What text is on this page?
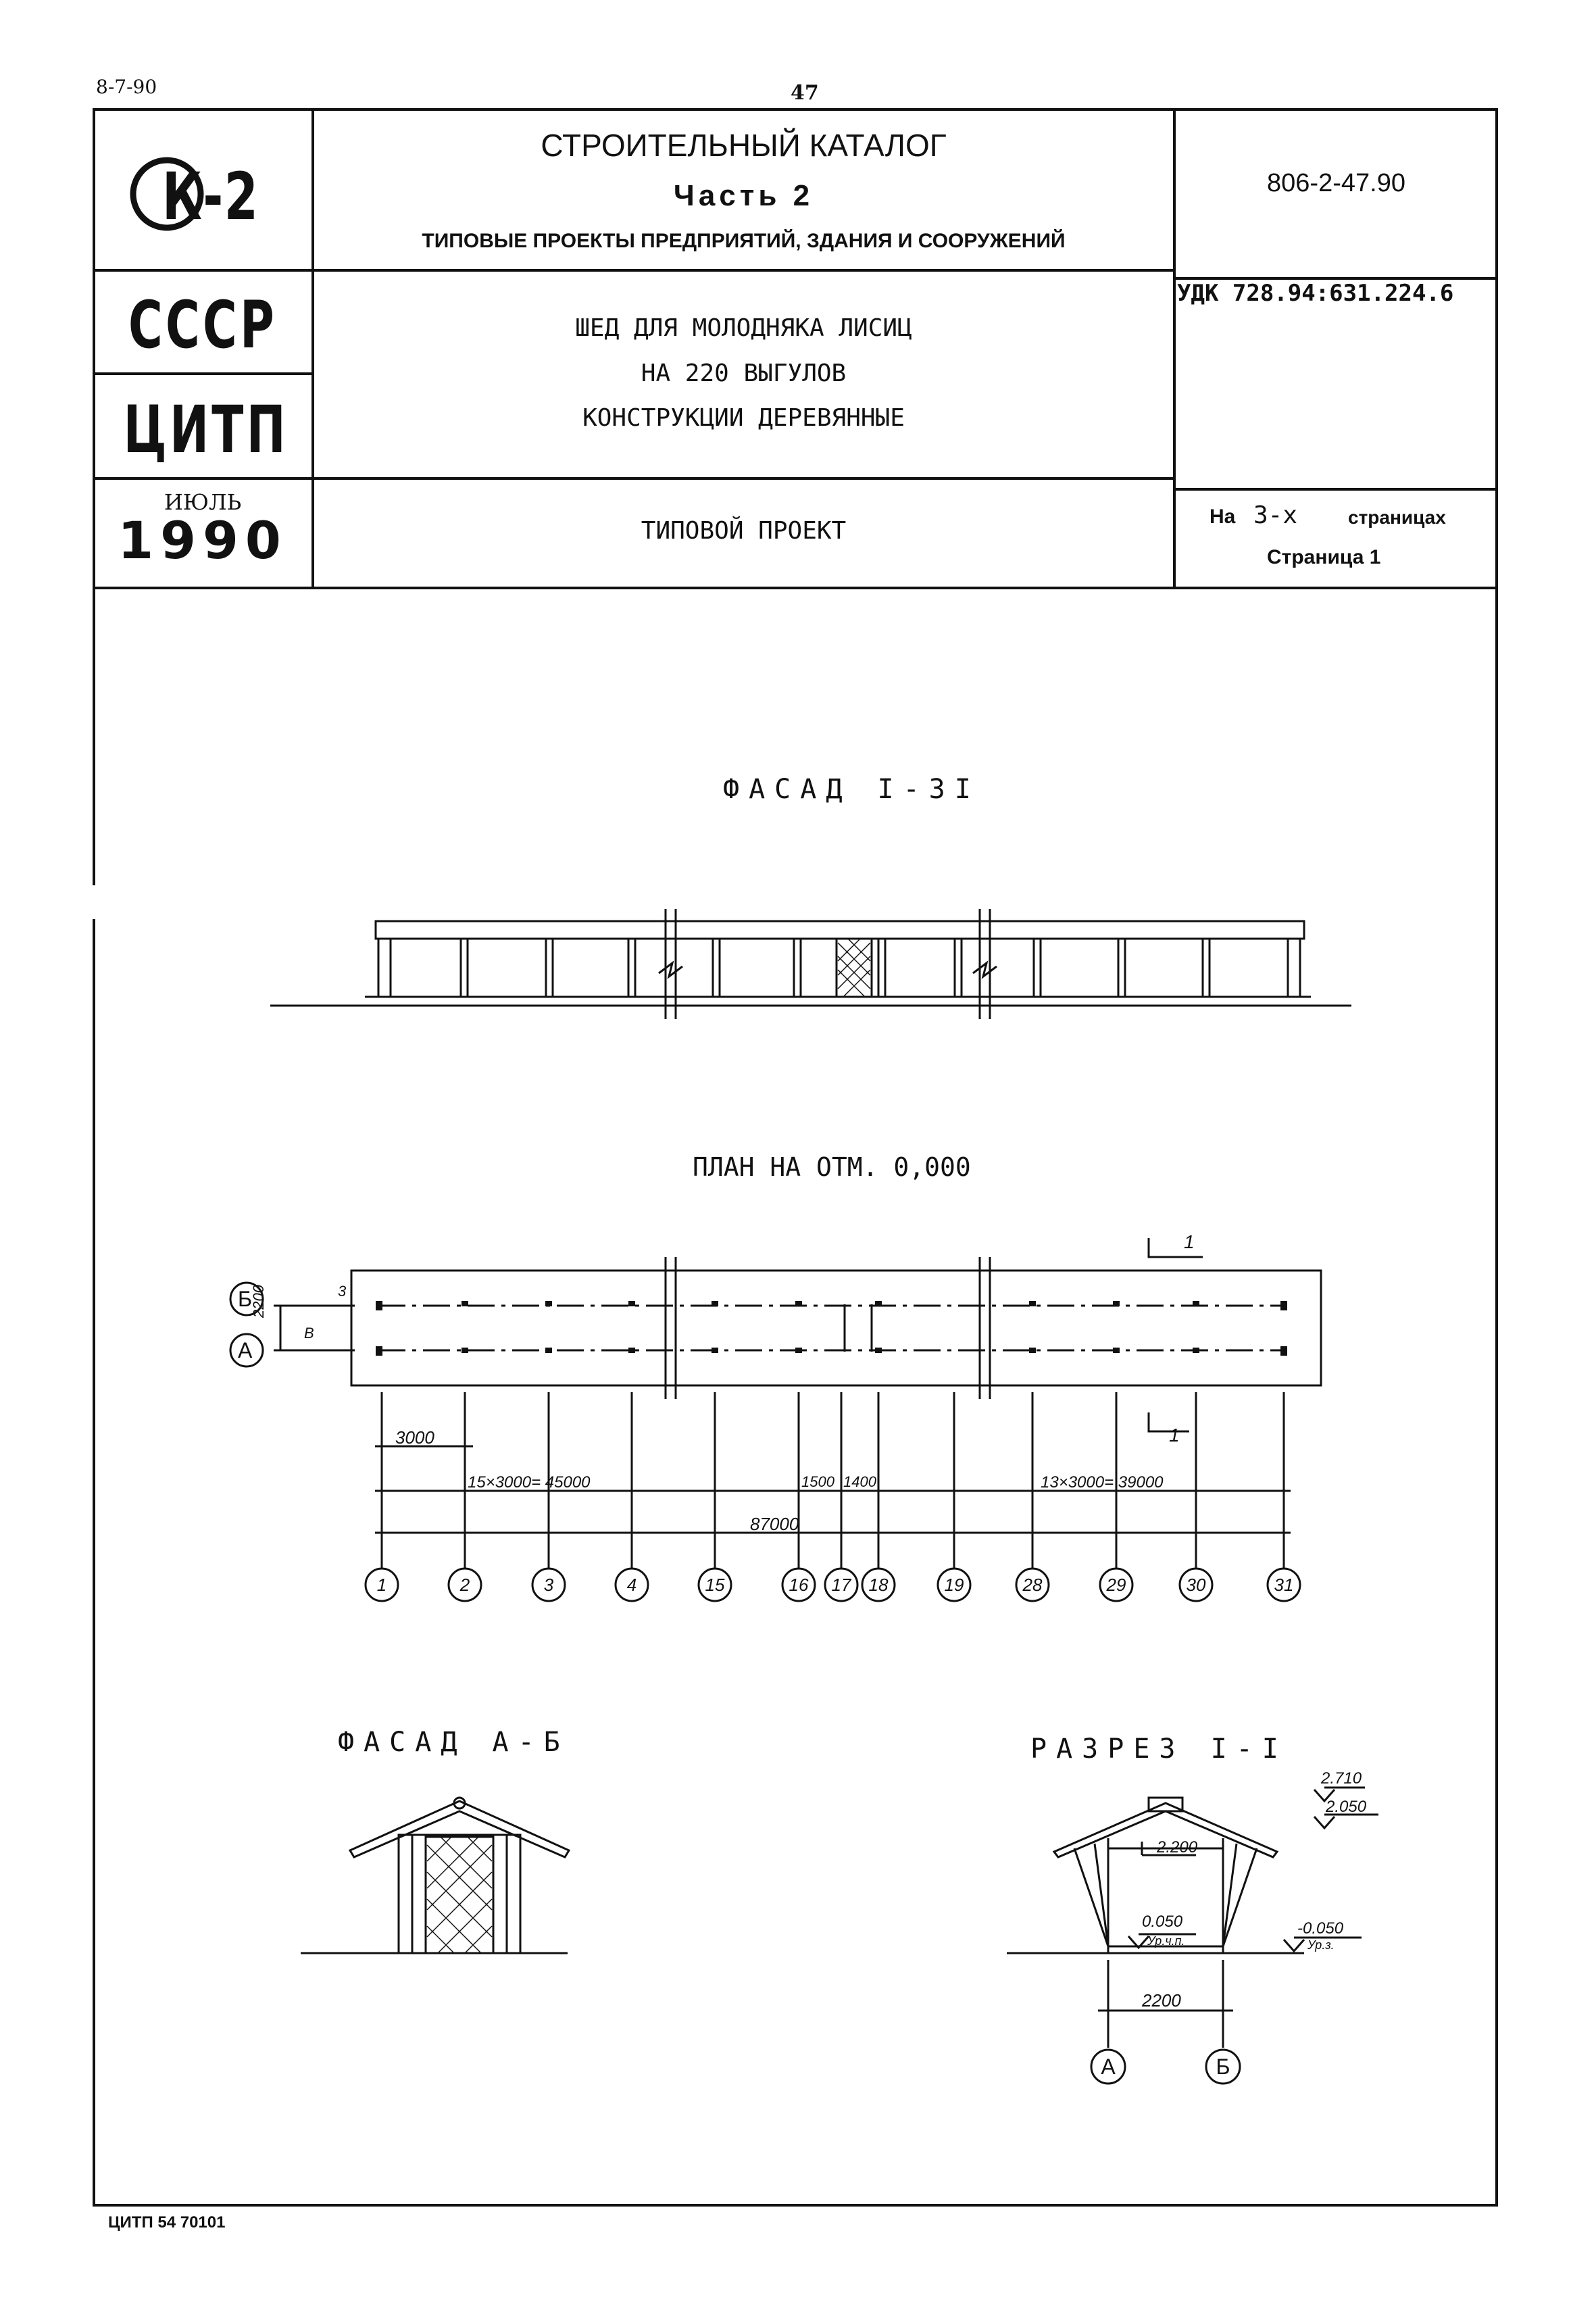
8-7-90	47
К-2
СССР
ЦИТП
ИЮЛЬ
1990
СТРОИТЕЛЬНЫЙ КАТАЛОГ
Часть 2
ТИПОВЫЕ ПРОЕКТЫ ПРЕДПРИЯТИЙ, ЗДАНИЯ И СООРУЖЕНИЙ
ШЕД ДЛЯ МОЛОДНЯКА ЛИСИЦ
НА 220 ВЫГУЛОВ
КОНСТРУКЦИИ ДЕРЕВЯННЫЕ
ТИПОВОЙ ПРОЕКТ
806-2-47.90
УДК 728.94:631.224.6
На 3-х	страницах
Страница 1
ФАСАД I-3I
ПЛАН НА ОТМ. 0,000
ФАСАД А-Б	РАЗРЕЗ I-I
Б
А
3
В
2200
1
1
3000
15×3000= 45000	1500 1400	13×3000= 39000
87000
1	2	3	4	15	16	17	18	19	28	29	30	31
2.710
2.050
2.200
0.050
Ур.ч.п.
-0.050
Ур.з.
2200
А	Б
ЦИТП 54 70101
